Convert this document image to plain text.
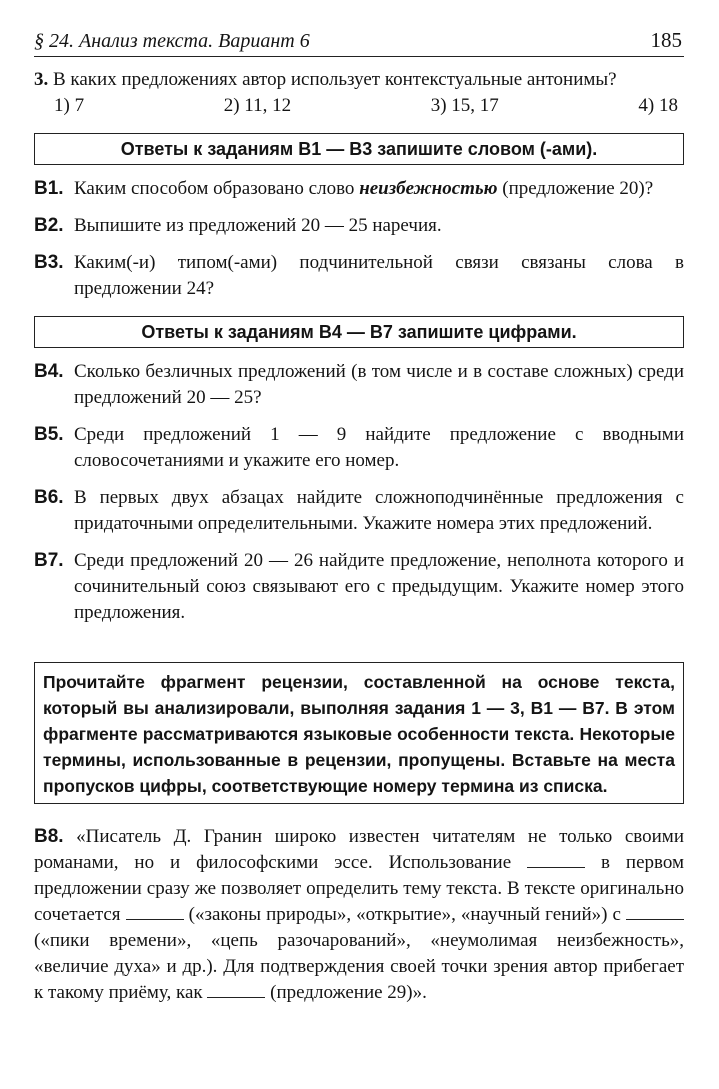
§ 24. Анализ текста. Вариант 6	185
3. В каких предложениях автор использует контекстуальные антонимы?
1) 7	2) 11, 12	3) 15, 17	4) 18
Ответы к заданиям В1 — В3 запишите словом (-ами).
В1. Каким способом образовано слово неизбежностью (предложение 20)?
В2. Выпишите из предложений 20 — 25 наречия.
В3. Каким(-и) типом(-ами) подчинительной связи связаны слова в предложении 24?
Ответы к заданиям В4 — В7 запишите цифрами.
В4. Сколько безличных предложений (в том числе и в составе сложных) среди предложений 20 — 25?
В5. Среди предложений 1 — 9 найдите предложение с вводными словосочетаниями и укажите его номер.
В6. В первых двух абзацах найдите сложноподчинённые предложения с придаточными определительными. Укажите номера этих предложений.
В7. Среди предложений 20 — 26 найдите предложение, неполнота которого и сочинительный союз связывают его с предыдущим. Укажите номер этого предложения.
Прочитайте фрагмент рецензии, составленной на основе текста, который вы анализировали, выполняя задания 1 — 3, В1 — В7. В этом фрагменте рассматриваются языковые особенности текста. Некоторые термины, использованные в рецензии, пропущены. Вставьте на места пропусков цифры, соответствующие номеру термина из списка.
В8. «Писатель Д. Гранин широко известен читателям не только своими романами, но и философскими эссе. Использование	в первом предложении сразу же позволяет определить тему текста. В тексте оригинально сочетается	(«законы природы», «открытие», «научный гений») с  («пики времени», «цепь разочарований», «неумолимая неизбежность», «величие духа» и др.). Для подтверждения своей точки зрения автор прибегает к такому приёму, как	(предложение 29)».
